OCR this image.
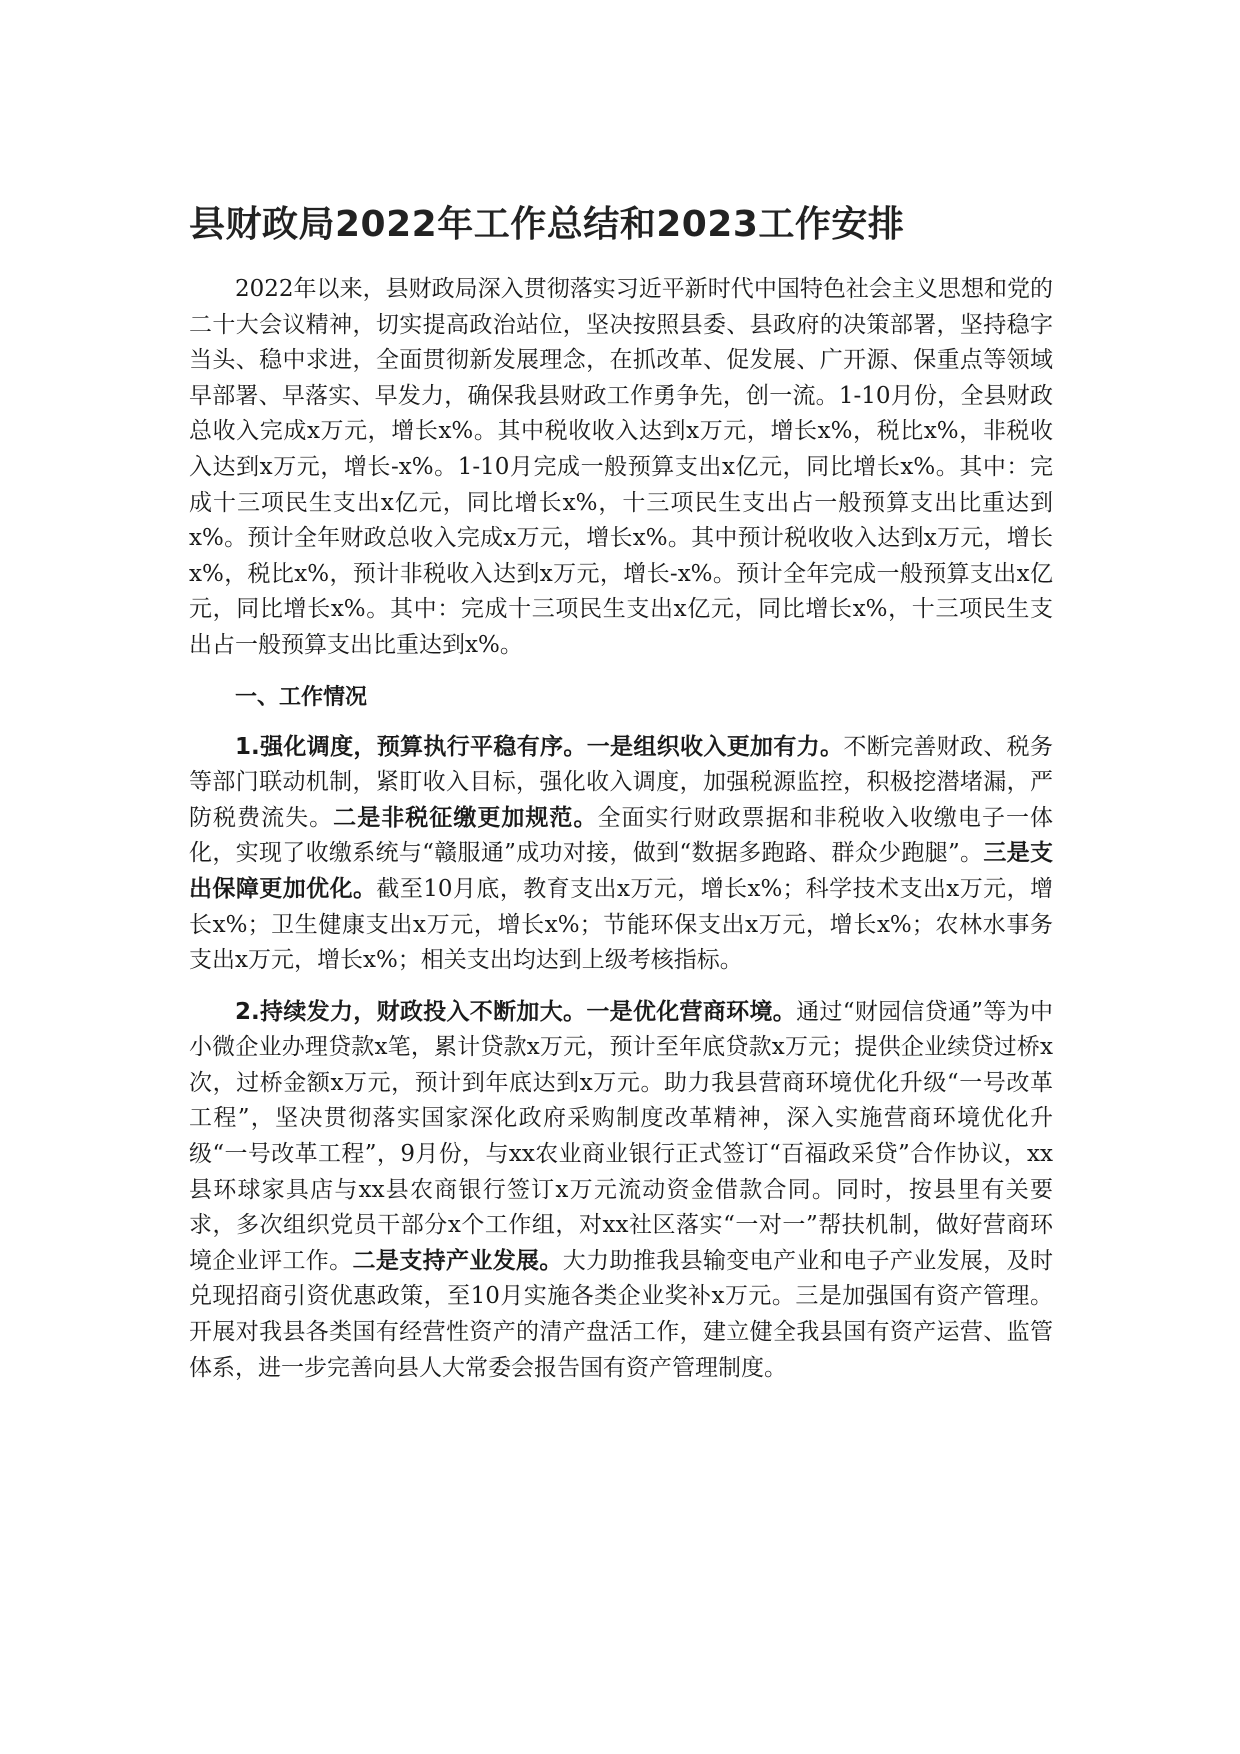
县财政局2022年工作总结和2023工作安排

2022年以来，县财政局深入贯彻落实习近平新时代中国特色社会主义思想和党的二十大会议精神，切实提高政治站位，坚决按照县委、县政府的决策部署，坚持稳字当头、稳中求进，全面贯彻新发展理念，在抓改革、促发展、广开源、保重点等领域早部署、早落实、早发力，确保我县财政工作勇争先，创一流。1-10月份，全县财政总收入完成x万元，增长x%。其中税收收入达到x万元，增长x%，税比x%，非税收入达到x万元，增长-x%。1-10月完成一般预算支出x亿元，同比增长x%。其中：完成十三项民生支出x亿元，同比增长x%，十三项民生支出占一般预算支出比重达到x%。预计全年财政总收入完成x万元，增长x%。其中预计税收收入达到x万元，增长x%，税比x%，预计非税收入达到x万元，增长-x%。预计全年完成一般预算支出x亿元，同比增长x%。其中：完成十三项民生支出x亿元，同比增长x%，十三项民生支出占一般预算支出比重达到x%。

一、工作情况

1.强化调度，预算执行平稳有序。一是组织收入更加有力。不断完善财政、税务等部门联动机制，紧盯收入目标，强化收入调度，加强税源监控，积极挖潜堵漏，严防税费流失。二是非税征缴更加规范。全面实行财政票据和非税收入收缴电子一体化，实现了收缴系统与“赣服通”成功对接，做到“数据多跑路、群众少跑腿”。三是支出保障更加优化。截至10月底，教育支出x万元，增长x%；科学技术支出x万元，增长x%；卫生健康支出x万元，增长x%；节能环保支出x万元，增长x%；农林水事务支出x万元，增长x%；相关支出均达到上级考核指标。

2.持续发力，财政投入不断加大。一是优化营商环境。通过“财园信贷通”等为中小微企业办理贷款x笔，累计贷款x万元，预计至年底贷款x万元；提供企业续贷过桥x次，过桥金额x万元，预计到年底达到x万元。助力我县营商环境优化升级“一号改革工程”，坚决贯彻落实国家深化政府采购制度改革精神，深入实施营商环境优化升级“一号改革工程”，9月份，与xx农业商业银行正式签订“百福政采贷”合作协议，xx县环球家具店与xx县农商银行签订x万元流动资金借款合同。同时，按县里有关要求，多次组织党员干部分x个工作组，对xx社区落实“一对一”帮扶机制，做好营商环境企业评工作。二是支持产业发展。大力助推我县输变电产业和电子产业发展，及时兑现招商引资优惠政策，至10月实施各类企业奖补x万元。三是加强国有资产管理。开展对我县各类国有经营性资产的清产盘活工作，建立健全我县国有资产运营、监管体系，进一步完善向县人大常委会报告国有资产管理制度。
